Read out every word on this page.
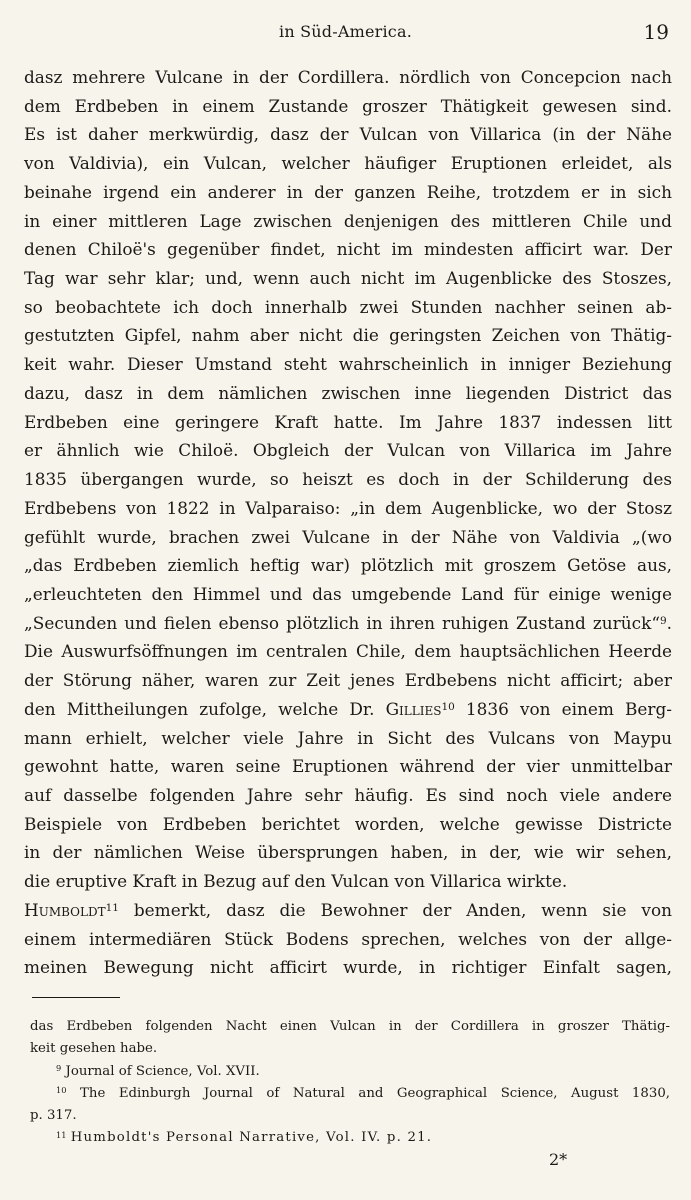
in Süd-America.	19
dasz mehrere Vulcane in der Cordillera. nördlich von Concepcion nach
dem Erdbeben in einem Zustande groszer Thätigkeit gewesen sind.
Es ist daher merkwürdig, dasz der Vulcan von Villarica (in der Nähe
von Valdivia), ein Vulcan, welcher häufiger Eruptionen erleidet, als
beinahe irgend ein anderer in der ganzen Reihe, trotzdem er in sich
in einer mittleren Lage zwischen denjenigen des mittleren Chile und
denen Chiloë's gegenüber findet, nicht im mindesten afficirt war. Der
Tag war sehr klar; und, wenn auch nicht im Augenblicke des Stoszes,
so beobachtete ich doch innerhalb zwei Stunden nachher seinen ab-
gestutzten Gipfel, nahm aber nicht die geringsten Zeichen von Thätig-
keit wahr. Dieser Umstand steht wahrscheinlich in inniger Beziehung
dazu, dasz in dem nämlichen zwischen inne liegenden District das
Erdbeben eine geringere Kraft hatte. Im Jahre 1837 indessen litt
er ähnlich wie Chiloë. Obgleich der Vulcan von Villarica im Jahre
1835 übergangen wurde, so heiszt es doch in der Schilderung des
Erdbebens von 1822 in Valparaiso: „in dem Augenblicke, wo der Stosz
gefühlt wurde, brachen zwei Vulcane in der Nähe von Valdivia „(wo
„das Erdbeben ziemlich heftig war) plötzlich mit groszem Getöse aus,
„erleuchteten den Himmel und das umgebende Land für einige wenige
„Secunden und fielen ebenso plötzlich in ihren ruhigen Zustand zurück“$^9$.
Die Auswurfsöffnungen im centralen Chile, dem hauptsächlichen Heerde
der Störung näher, waren zur Zeit jenes Erdbebens nicht afficirt; aber
den Mittheilungen zufolge, welche Dr. Gillies$^{10}$ 1836 von einem Berg-
mann erhielt, welcher viele Jahre in Sicht des Vulcans von Maypu
gewohnt hatte, waren seine Eruptionen während der vier unmittelbar
auf dasselbe folgenden Jahre sehr häufig. Es sind noch viele andere
Beispiele von Erdbeben berichtet worden, welche gewisse Districte
in der nämlichen Weise übersprungen haben, in der, wie wir sehen,
die eruptive Kraft in Bezug auf den Vulcan von Villarica wirkte.
Humboldt$^{11}$ bemerkt, dasz die Bewohner der Anden, wenn sie von
einem intermediären Stück Bodens sprechen, welches von der allge-
meinen Bewegung nicht afficirt wurde, in richtiger Einfalt sagen,
das Erdbeben folgenden Nacht einen Vulcan in der Cordillera in groszer Thätig-
keit gesehen habe.
$^9$ Journal of Science, Vol. XVII.
$^{10}$ The Edinburgh Journal of Natural and Geographical Science, August 1830,
p. 317.
$^{11}$ Humboldt's Personal Narrative, Vol. IV. p. 21.
2*
